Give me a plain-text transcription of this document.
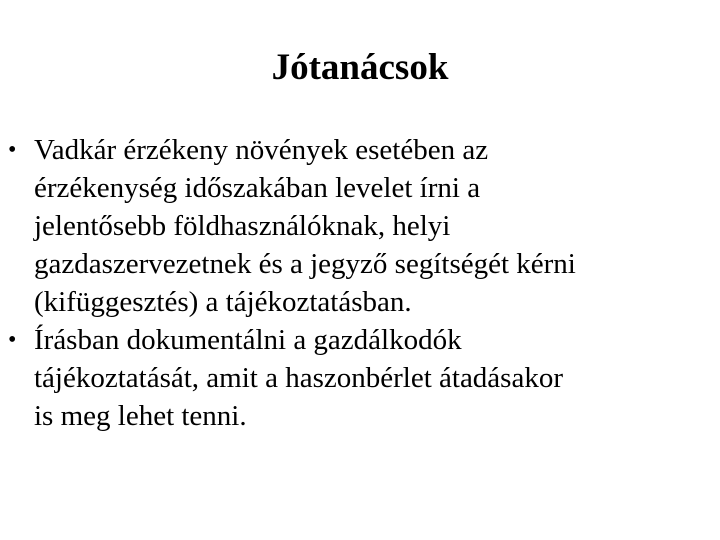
Jótanácsok
• Vadkár érzékeny növények esetében az
érzékenység időszakában levelet írni a
jelentősebb földhasználóknak, helyi
gazdaszervezetnek és a jegyző segítségét kérni
(kifüggesztés) a tájékoztatásban.
• Írásban dokumentálni a gazdálkodók
tájékoztatását, amit a haszonbérlet átadásakor
is meg lehet tenni.
